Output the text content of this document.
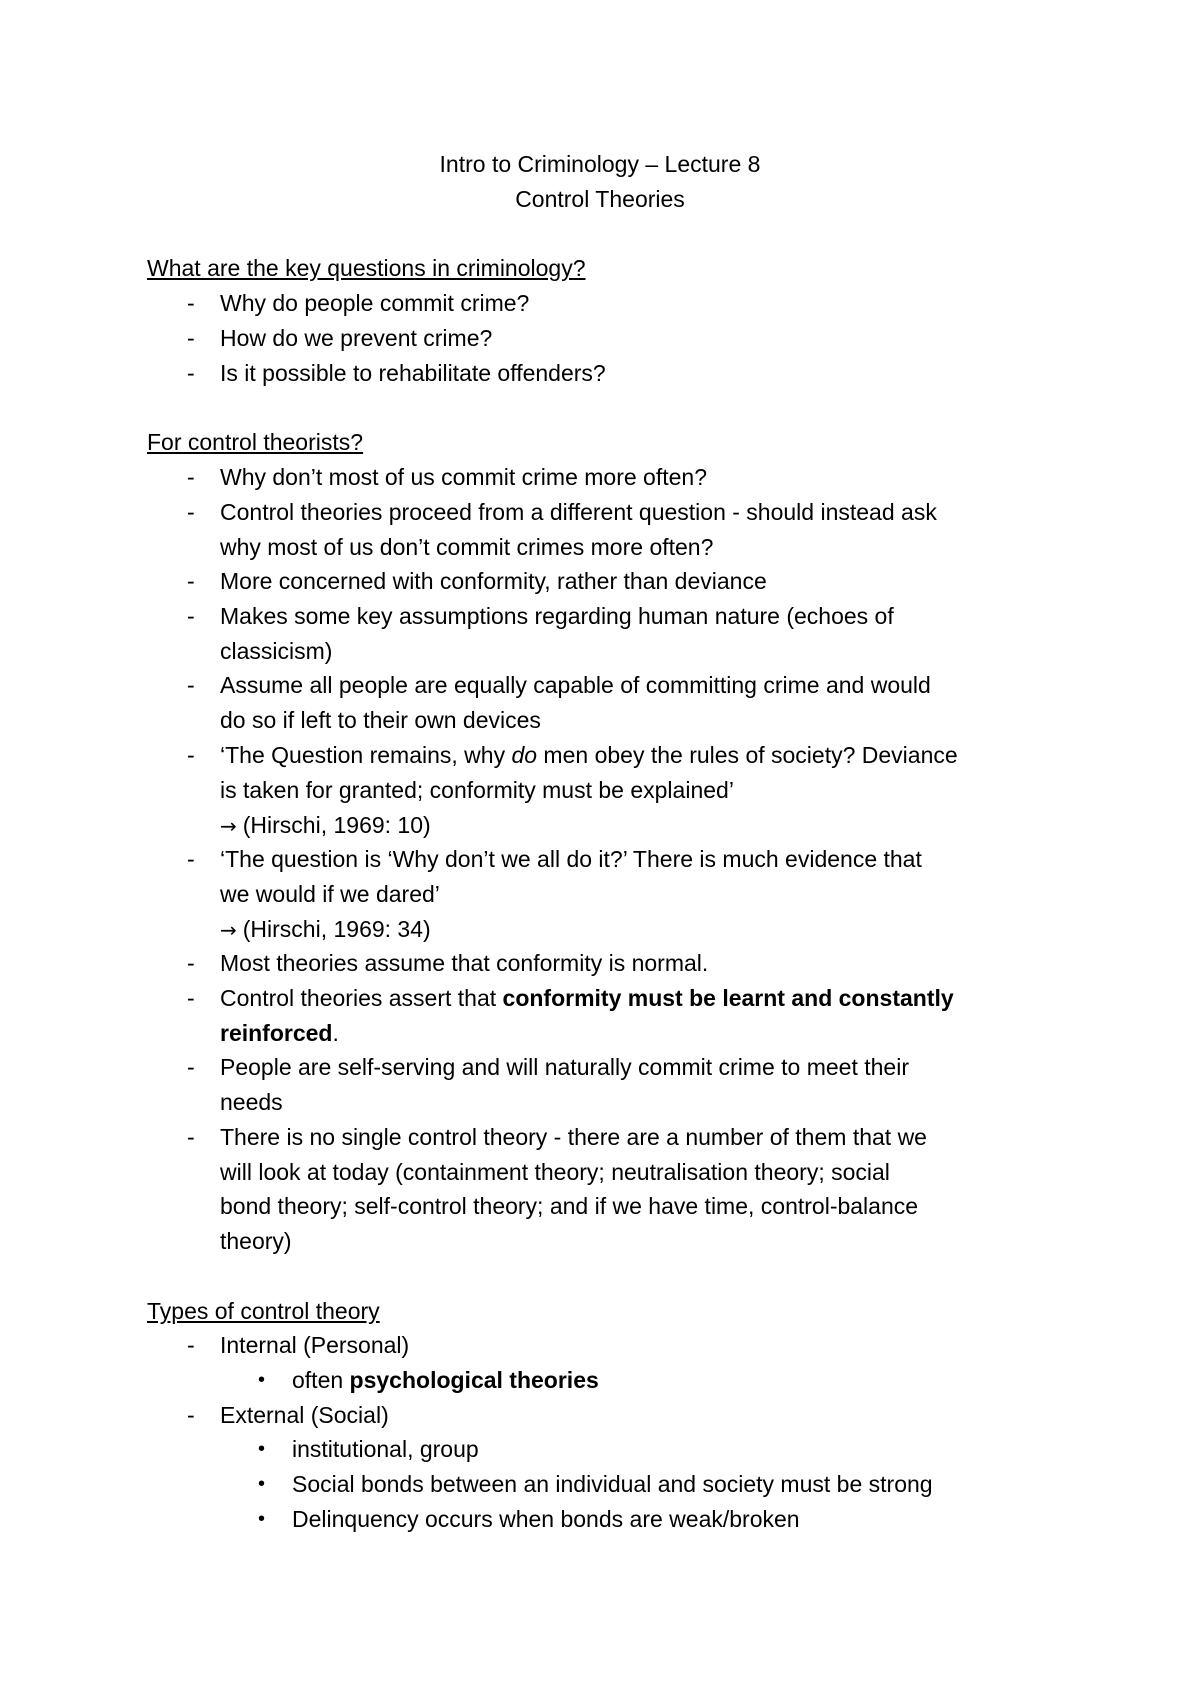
Intro to Criminology – Lecture 8
Control Theories
What are the key questions in criminology?
- Why do people commit crime?
- How do we prevent crime?
- Is it possible to rehabilitate offenders?
For control theorists?
- Why don’t most of us commit crime more often?
- Control theories proceed from a different question - should instead ask
why most of us don’t commit crimes more often?
- More concerned with conformity, rather than deviance
- Makes some key assumptions regarding human nature (echoes of
classicism)
- Assume all people are equally capable of committing crime and would
do so if left to their own devices
- ‘The Question remains, why do men obey the rules of society? Deviance
is taken for granted; conformity must be explained’
→ (Hirschi, 1969: 10)
- ‘The question is ‘Why don’t we all do it?’ There is much evidence that
we would if we dared’
→ (Hirschi, 1969: 34)
- Most theories assume that conformity is normal.
- Control theories assert that conformity must be learnt and constantly
reinforced.
- People are self-serving and will naturally commit crime to meet their
needs
- There is no single control theory - there are a number of them that we
will look at today (containment theory; neutralisation theory; social
bond theory; self-control theory; and if we have time, control-balance
theory)
Types of control theory
- Internal (Personal)
• often psychological theories
- External (Social)
• institutional, group
• Social bonds between an individual and society must be strong
• Delinquency occurs when bonds are weak/broken
